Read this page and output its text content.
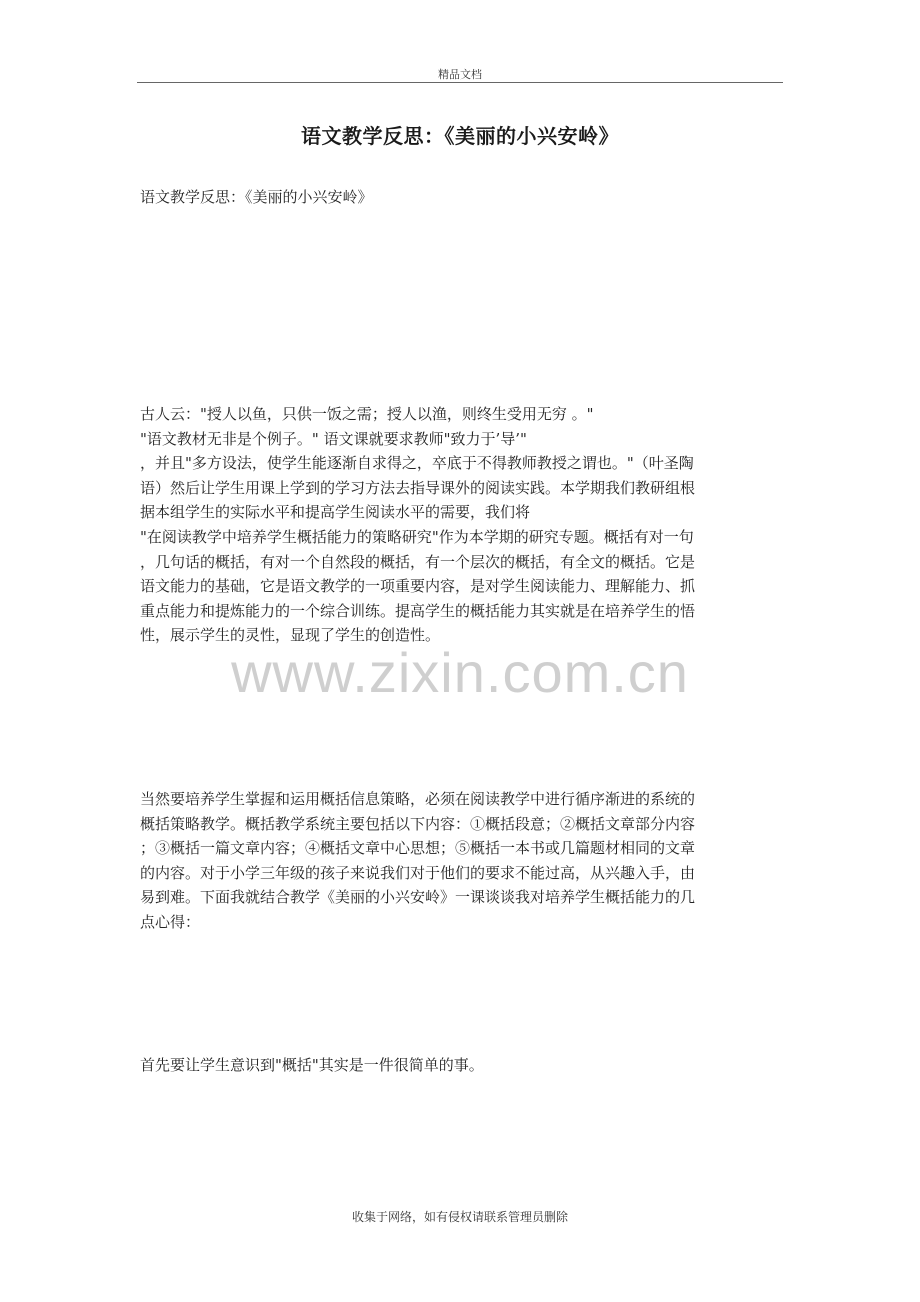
精品文档
语文教学反思：《美丽的小兴安岭》
语文教学反思：《美丽的小兴安岭》
古人云："授人以鱼，只供一饭之需；授人以渔，则终生受用无穷 。"
"语文教材无非是个例子。" 语文课就要求教师"致力于’导’"
，并且"多方设法，使学生能逐渐自求得之，卒底于不得教师教授之谓也。"（叶圣陶
语）然后让学生用课上学到的学习方法去指导课外的阅读实践。本学期我们教研组根
据本组学生的实际水平和提高学生阅读水平的需要，我们将
"在阅读教学中培养学生概括能力的策略研究"作为本学期的研究专题。概括有对一句
，几句话的概括，有对一个自然段的概括，有一个层次的概括，有全文的概括。它是
语文能力的基础，它是语文教学的一项重要内容，是对学生阅读能力、理解能力、抓
重点能力和提炼能力的一个综合训练。提高学生的概括能力其实就是在培养学生的悟
性，展示学生的灵性，显现了学生的创造性。
www.zixin.com.cn
当然要培养学生掌握和运用概括信息策略，必须在阅读教学中进行循序渐进的系统的
概括策略教学。概括教学系统主要包括以下内容：①概括段意；②概括文章部分内容
；③概括一篇文章内容；④概括文章中心思想；⑤概括一本书或几篇题材相同的文章
的内容。对于小学三年级的孩子来说我们对于他们的要求不能过高，从兴趣入手，由
易到难。下面我就结合教学《美丽的小兴安岭》一课谈谈我对培养学生概括能力的几
点心得：
首先要让学生意识到"概括"其实是一件很简单的事。
收集于网络，如有侵权请联系管理员删除
